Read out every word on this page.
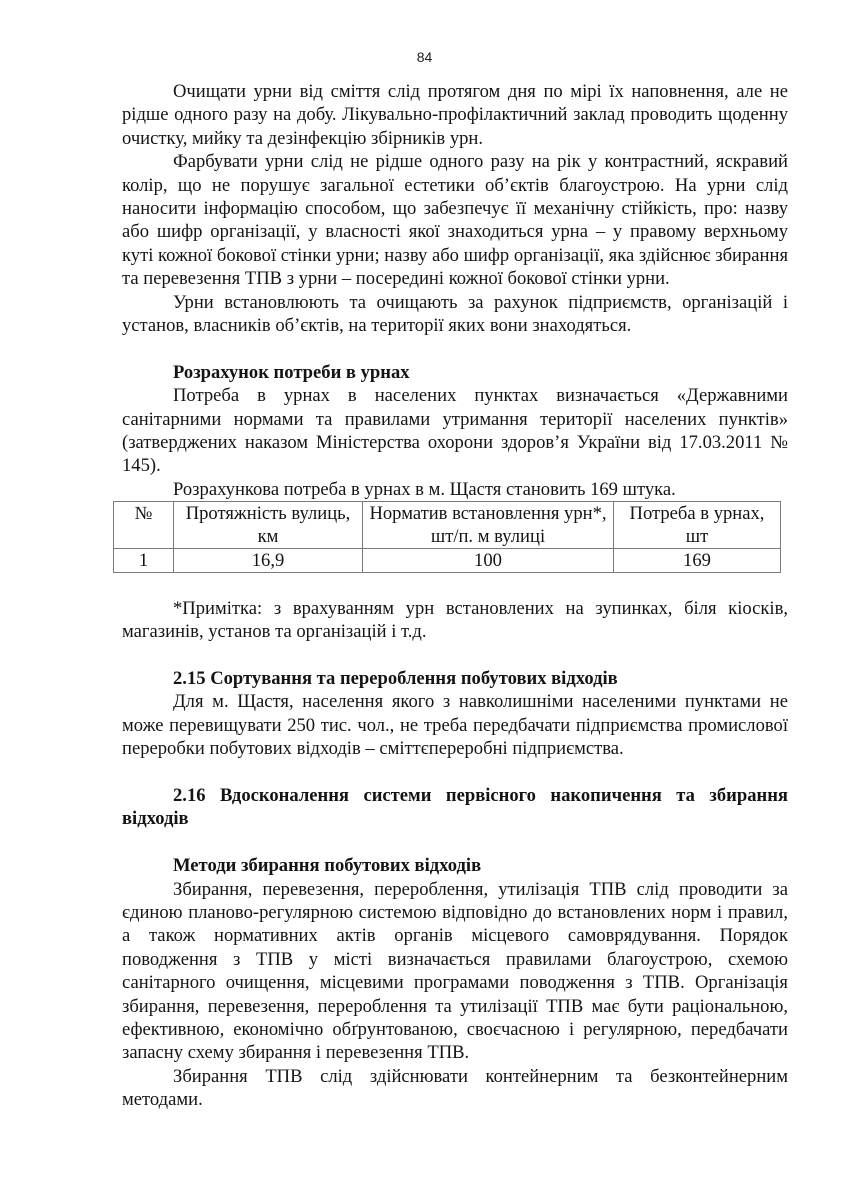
84

Очищати урни від сміття слід протягом дня по мірі їх наповнення, але не рідше одного разу на добу. Лікувально-профілактичний заклад проводить щоденну очистку, мийку та дезінфекцію збірників урн.

Фарбувати урни слід не рідше одного разу на рік у контрастний, яскравий колір, що не порушує загальної естетики об’єктів благоустрою. На урни слід наносити інформацію способом, що забезпечує її механічну стійкість, про: назву або шифр організації, у власності якої знаходиться урна – у правому верхньому куті кожної бокової стінки урни; назву або шифр організації, яка здійснює збирання та перевезення ТПВ з урни – посередині кожної бокової стінки урни.

Урни встановлюють та очищають за рахунок підприємств, організацій і установ, власників об’єктів, на території яких вони знаходяться.

Розрахунок потреби в урнах

Потреба в урнах в населених пунктах визначається «Державними санітарними нормами та правилами утримання території населених пунктів» (затверджених наказом Міністерства охорони здоров’я України від 17.03.2011 № 145).

Розрахункова потреба в урнах в м. Щастя становить 169 штука.

№	Протяжність вулиць, км	Норматив встановлення урн*, шт/п. м вулиці	Потреба в урнах, шт
1	16,9	100	169

*Примітка: з врахуванням урн встановлених на зупинках, біля кіосків, магазинів, установ та організацій і т.д.

2.15 Сортування та перероблення побутових відходів

Для м. Щастя, населення якого з навколишніми населеними пунктами не може перевищувати 250 тис. чол., не треба передбачати підприємства промислової переробки побутових відходів – сміттєпереробні підприємства.

2.16 Вдосконалення системи первісного накопичення та збирання відходів
Методи збирання побутових відходів

Збирання, перевезення, перероблення, утилізація ТПВ слід проводити за єдиною планово-регулярною системою відповідно до встановлених норм і правил, а також нормативних актів органів місцевого самоврядування. Порядок поводження з ТПВ у місті визначається правилами благоустрою, схемою санітарного очищення, місцевими програмами поводження з ТПВ. Організація збирання, перевезення, перероблення та утилізації ТПВ має бути раціональною, ефективною, економічно обґрунтованою, своєчасною і регулярною, передбачати запасну схему збирання і перевезення ТПВ.

Збирання ТПВ слід здійснювати контейнерним та безконтейнерним методами.
